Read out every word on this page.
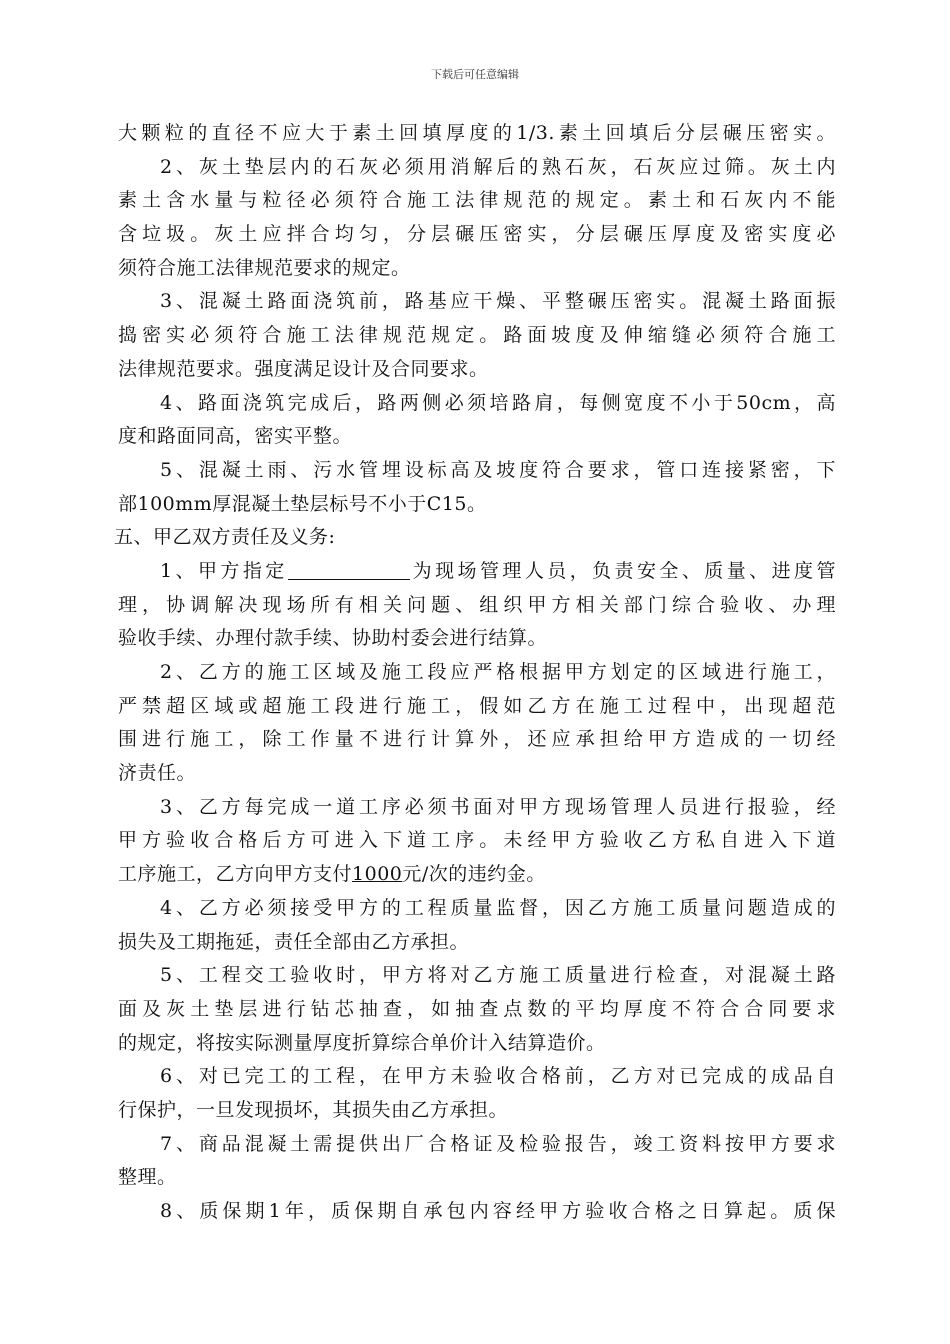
下载后可任意编辑
大颗粒的直径不应大于素土回填厚度的1/3.素土回填后分层碾压密实。
2、灰土垫层内的石灰必须用消解后的熟石灰，石灰应过筛。灰土内
素土含水量与粒径必须符合施工法律规范的规定。素土和石灰内不能
含垃圾。灰土应拌合均匀，分层碾压密实，分层碾压厚度及密实度必
须符合施工法律规范要求的规定。
3、混凝土路面浇筑前，路基应干燥、平整碾压密实。混凝土路面振
捣密实必须符合施工法律规范规定。路面坡度及伸缩缝必须符合施工
法律规范要求。强度满足设计及合同要求。
4、路面浇筑完成后，路两侧必须培路肩，每侧宽度不小于50cm，高
度和路面同高，密实平整。
5、混凝土雨、污水管埋设标高及坡度符合要求，管口连接紧密，下
部100mm厚混凝土垫层标号不小于C15。
五、甲乙双方责任及义务:
1、甲方指定	为现场管理人员，负责安全、质量、进度管
理，协调解决现场所有相关问题、组织甲方相关部门综合验收、办理
验收手续、办理付款手续、协助村委会进行结算。
2、乙方的施工区域及施工段应严格根据甲方划定的区域进行施工，
严禁超区域或超施工段进行施工，假如乙方在施工过程中，出现超范
围进行施工，除工作量不进行计算外，还应承担给甲方造成的一切经
济责任。
3、乙方每完成一道工序必须书面对甲方现场管理人员进行报验，经
甲方验收合格后方可进入下道工序。未经甲方验收乙方私自进入下道
工序施工，乙方向甲方支付1000元/次的违约金。
4、乙方必须接受甲方的工程质量监督，因乙方施工质量问题造成的
损失及工期拖延，责任全部由乙方承担。
5、工程交工验收时，甲方将对乙方施工质量进行检查，对混凝土路
面及灰土垫层进行钻芯抽查，如抽查点数的平均厚度不符合合同要求
的规定，将按实际测量厚度折算综合单价计入结算造价。
6、对已完工的工程，在甲方未验收合格前，乙方对已完成的成品自
行保护，一旦发现损坏，其损失由乙方承担。
7、商品混凝土需提供出厂合格证及检验报告，竣工资料按甲方要求
整理。
8、质保期1年，质保期自承包内容经甲方验收合格之日算起。质保
